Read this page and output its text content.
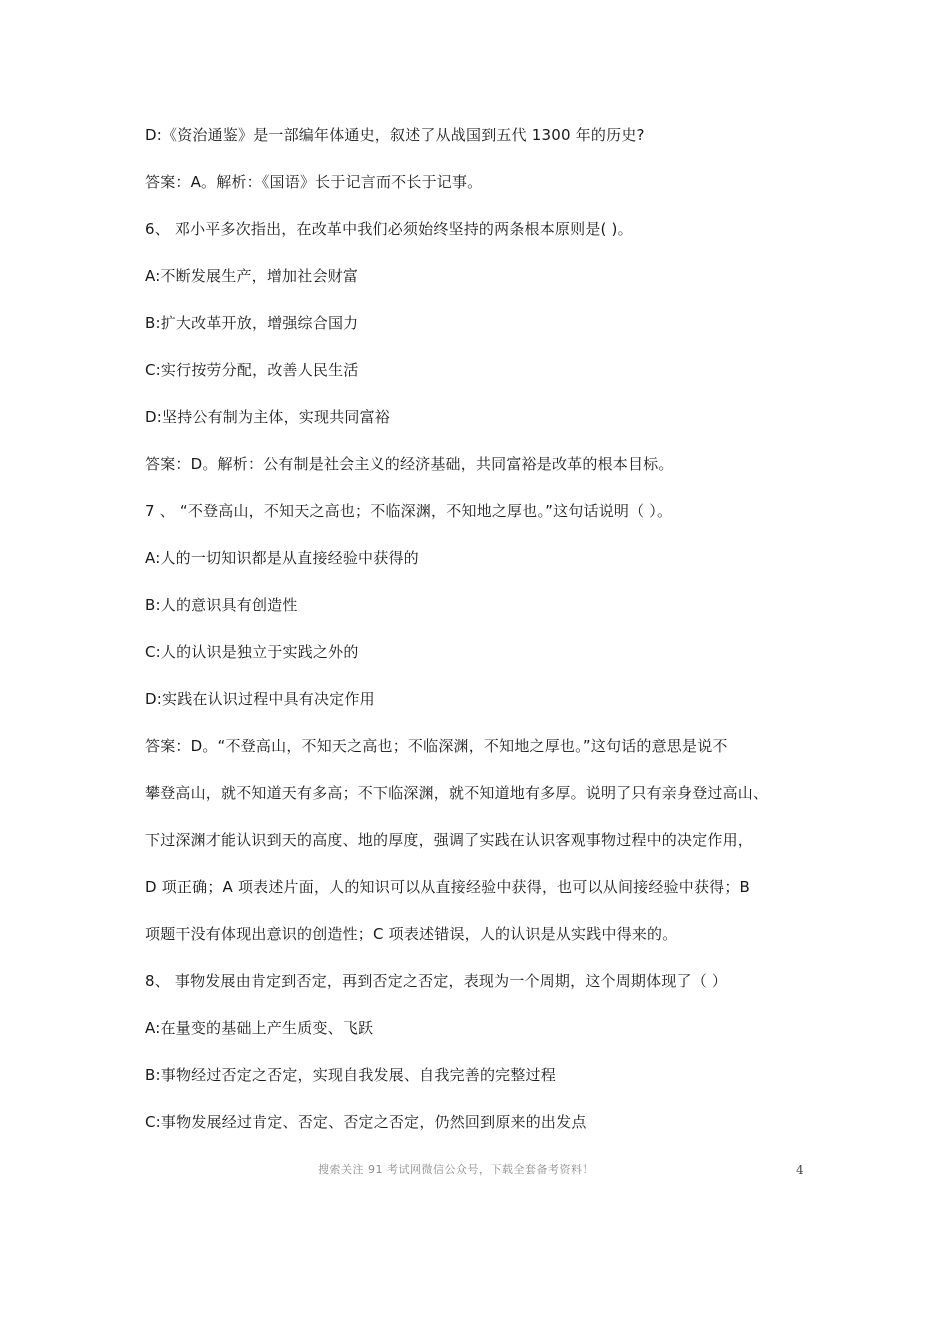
D:《资治通鉴》是一部编年体通史，叙述了从战国到五代 1300 年的历史?
答案：A。解析：《国语》长于记言而不长于记事。
6、 邓小平多次指出，在改革中我们必须始终坚持的两条根本原则是( )。
A:不断发展生产，增加社会财富
B:扩大改革开放，增强综合国力
C:实行按劳分配，改善人民生活
D:坚持公有制为主体，实现共同富裕
答案：D。解析：公有制是社会主义的经济基础，共同富裕是改革的根本目标。
7 、 “不登高山，不知天之高也；不临深渊，不知地之厚也。”这句话说明（ ）。
A:人的一切知识都是从直接经验中获得的
B:人的意识具有创造性
C:人的认识是独立于实践之外的
D:实践在认识过程中具有决定作用
答案：D。“不登高山，不知天之高也；不临深渊，不知地之厚也。”这句话的意思是说不
攀登高山，就不知道天有多高；不下临深渊，就不知道地有多厚。说明了只有亲身登过高山、
下过深渊才能认识到天的高度、地的厚度，强调了实践在认识客观事物过程中的决定作用，
D 项正确；A 项表述片面，人的知识可以从直接经验中获得，也可以从间接经验中获得；B
项题干没有体现出意识的创造性；C 项表述错误，人的认识是从实践中得来的。
8、 事物发展由肯定到否定，再到否定之否定，表现为一个周期，这个周期体现了（ ）
A:在量变的基础上产生质变、飞跃
B:事物经过否定之否定，实现自我发展、自我完善的完整过程
C:事物发展经过肯定、否定、否定之否定，仍然回到原来的出发点
搜索关注 91 考试网微信公众号，下载全套备考资料！	4
